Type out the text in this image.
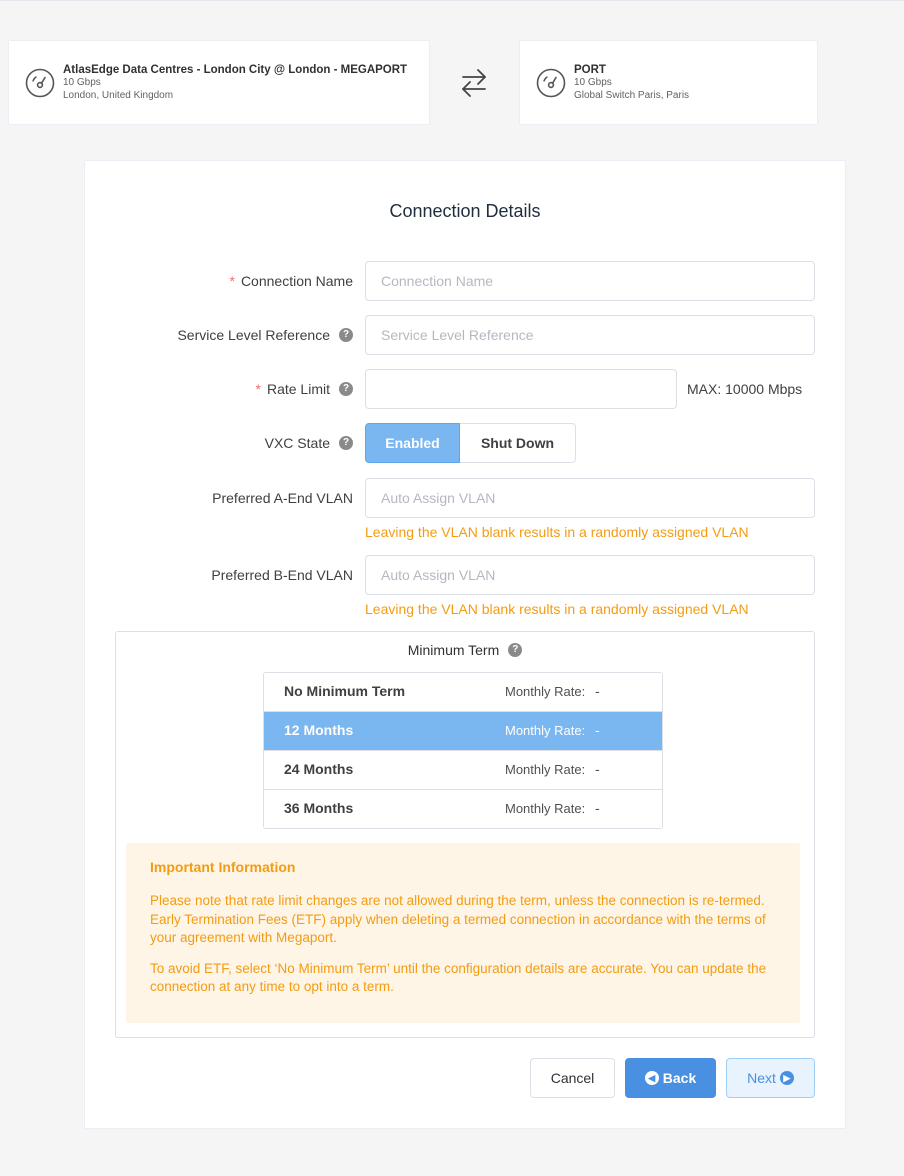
AtlasEdge Data Centres - London City @ London - MEGAPORT
10 Gbps
London, United Kingdom
PORT
10 Gbps
Global Switch Paris, Paris
Connection Details
* Connection Name
Connection Name
Service Level Reference	?
Service Level Reference
* Rate Limit	?	MAX: 10000 Mbps
VXC State	?	Enabled	Shut Down
Preferred A-End VLAN
Auto Assign VLAN
Leaving the VLAN blank results in a randomly assigned VLAN
Preferred B-End VLAN
Auto Assign VLAN
Leaving the VLAN blank results in a randomly assigned VLAN
Minimum Term	?
No Minimum Term	Monthly Rate: -
12 Months	Monthly Rate: -
24 Months	Monthly Rate: -
36 Months	Monthly Rate: -
Important Information

Please note that rate limit changes are not allowed during the term, unless the connection is re-termed. Early Termination Fees (ETF) apply when deleting a termed connection in accordance with the terms of your agreement with Megaport.

To avoid ETF, select ‘No Minimum Term’ until the configuration details are accurate. You can update the connection at any time to opt into a term.

Cancel	◀ Back	Next ▶
